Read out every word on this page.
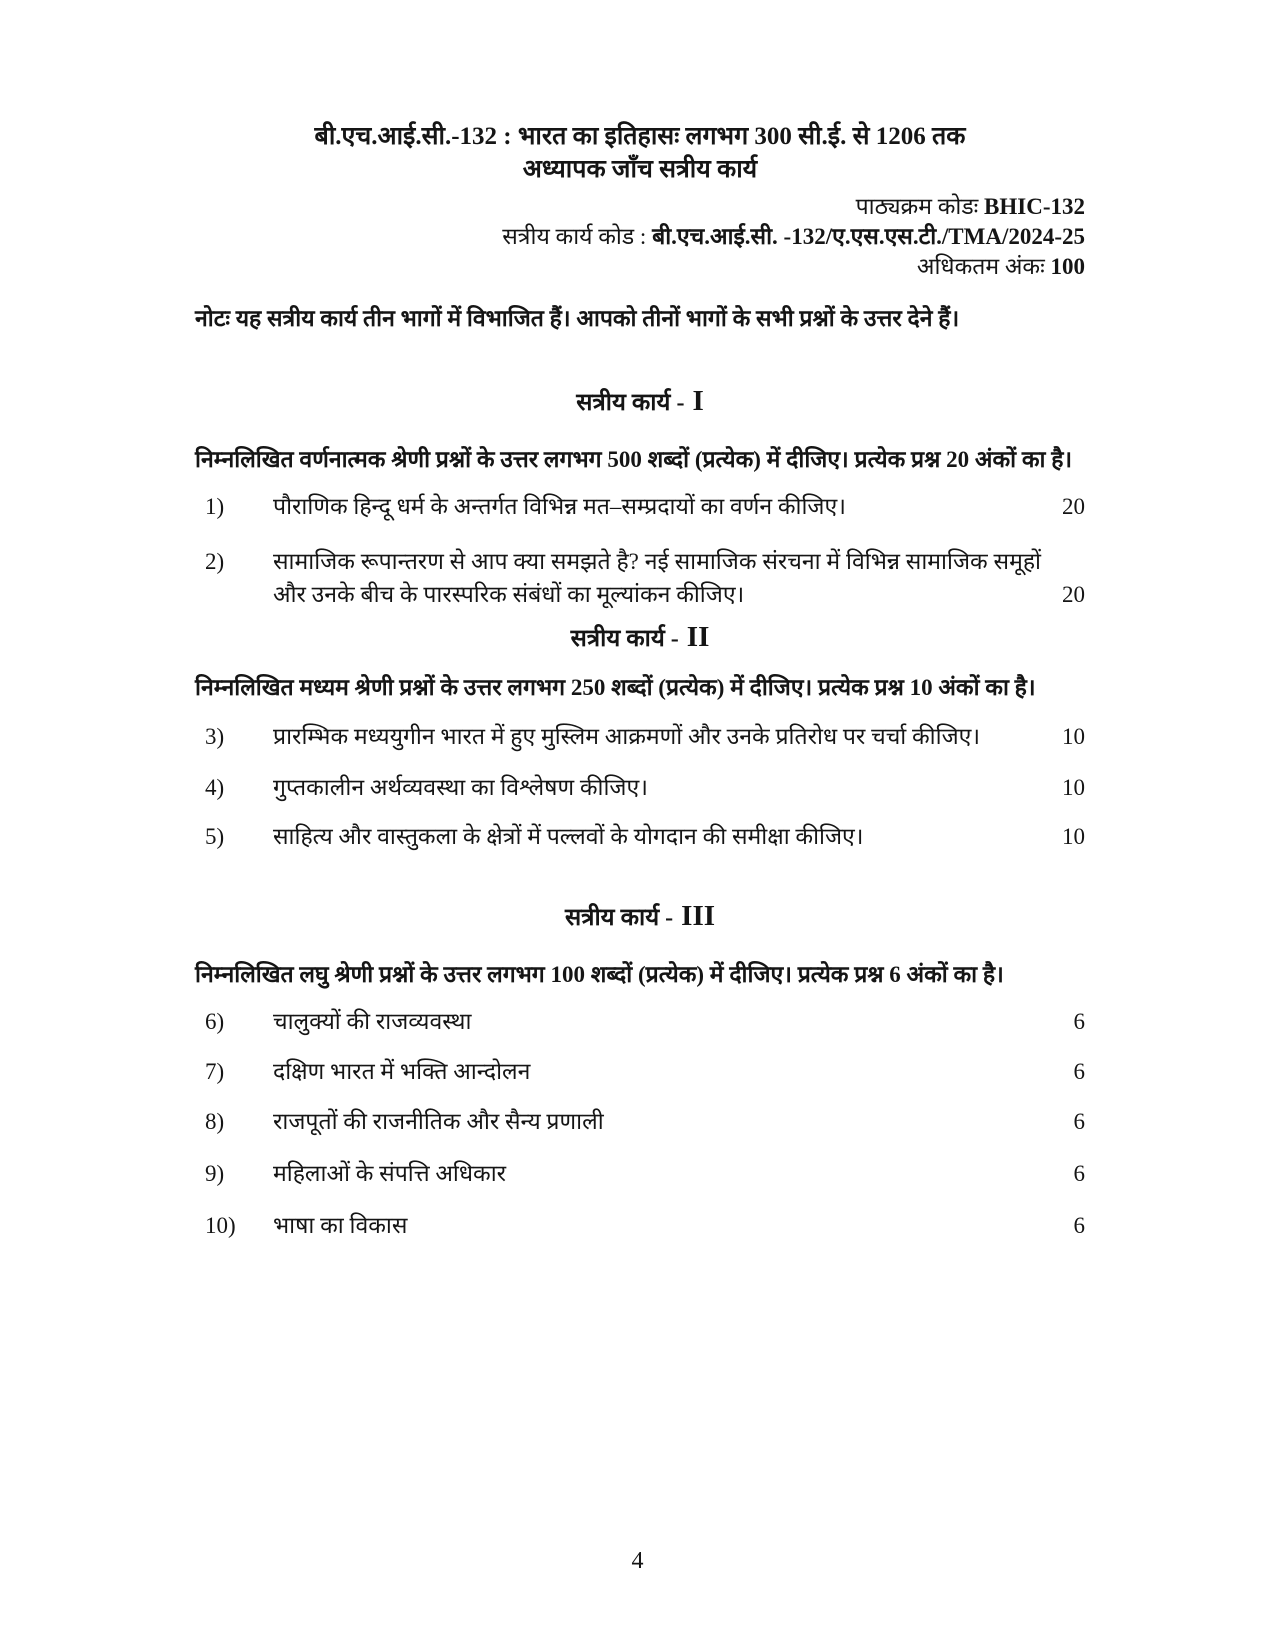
बी.एच.आई.सी.-132 : भारत का इतिहासः लगभग 300 सी.ई. से 1206 तक
अध्यापक जाँच सत्रीय कार्य
पाठ्यक्रम कोडः BHIC-132
सत्रीय कार्य कोड : बी.एच.आई.सी. -132/ए.एस.एस.टी./TMA/2024-25
अधिकतम अंकः 100

नोटः यह सत्रीय कार्य तीन भागों में विभाजित हैं। आपको तीनों भागों के सभी प्रश्नों के उत्तर देने हैं।

सत्रीय कार्य - I

निम्नलिखित वर्णनात्मक श्रेणी प्रश्नों के उत्तर लगभग 500 शब्दों (प्रत्येक) में दीजिए। प्रत्येक प्रश्न 20 अंकों का है।

1)	पौराणिक हिन्दू धर्म के अन्तर्गत विभिन्न मत–सम्प्रदायों का वर्णन कीजिए।	20
2)	सामाजिक रूपान्तरण से आप क्या समझते है? नई सामाजिक संरचना में विभिन्न सामाजिक समूहों और उनके बीच के पारस्परिक संबंधों का मूल्यांकन कीजिए।	20
सत्रीय कार्य - II

निम्नलिखित मध्यम श्रेणी प्रश्नों के उत्तर लगभग 250 शब्दों (प्रत्येक) में दीजिए। प्रत्येक प्रश्न 10 अंकों का है।

3)	प्रारम्भिक मध्ययुगीन भारत में हुए मुस्लिम आक्रमणों और उनके प्रतिरोध पर चर्चा कीजिए।	10
4)	गुप्तकालीन अर्थव्यवस्था का विश्लेषण कीजिए।	10
5)	साहित्य और वास्तुकला के क्षेत्रों में पल्लवों के योगदान की समीक्षा कीजिए।	10
सत्रीय कार्य - III

निम्नलिखित लघु श्रेणी प्रश्नों के उत्तर लगभग 100 शब्दों (प्रत्येक) में दीजिए। प्रत्येक प्रश्न 6 अंकों का है।

6)	चालुक्यों की राजव्यवस्था	6
7)	दक्षिण भारत में भक्ति आन्दोलन	6
8)	राजपूतों की राजनीतिक और सैन्य प्रणाली	6
9)	महिलाओं के संपत्ति अधिकार	6
10)	भाषा का विकास	6
4
